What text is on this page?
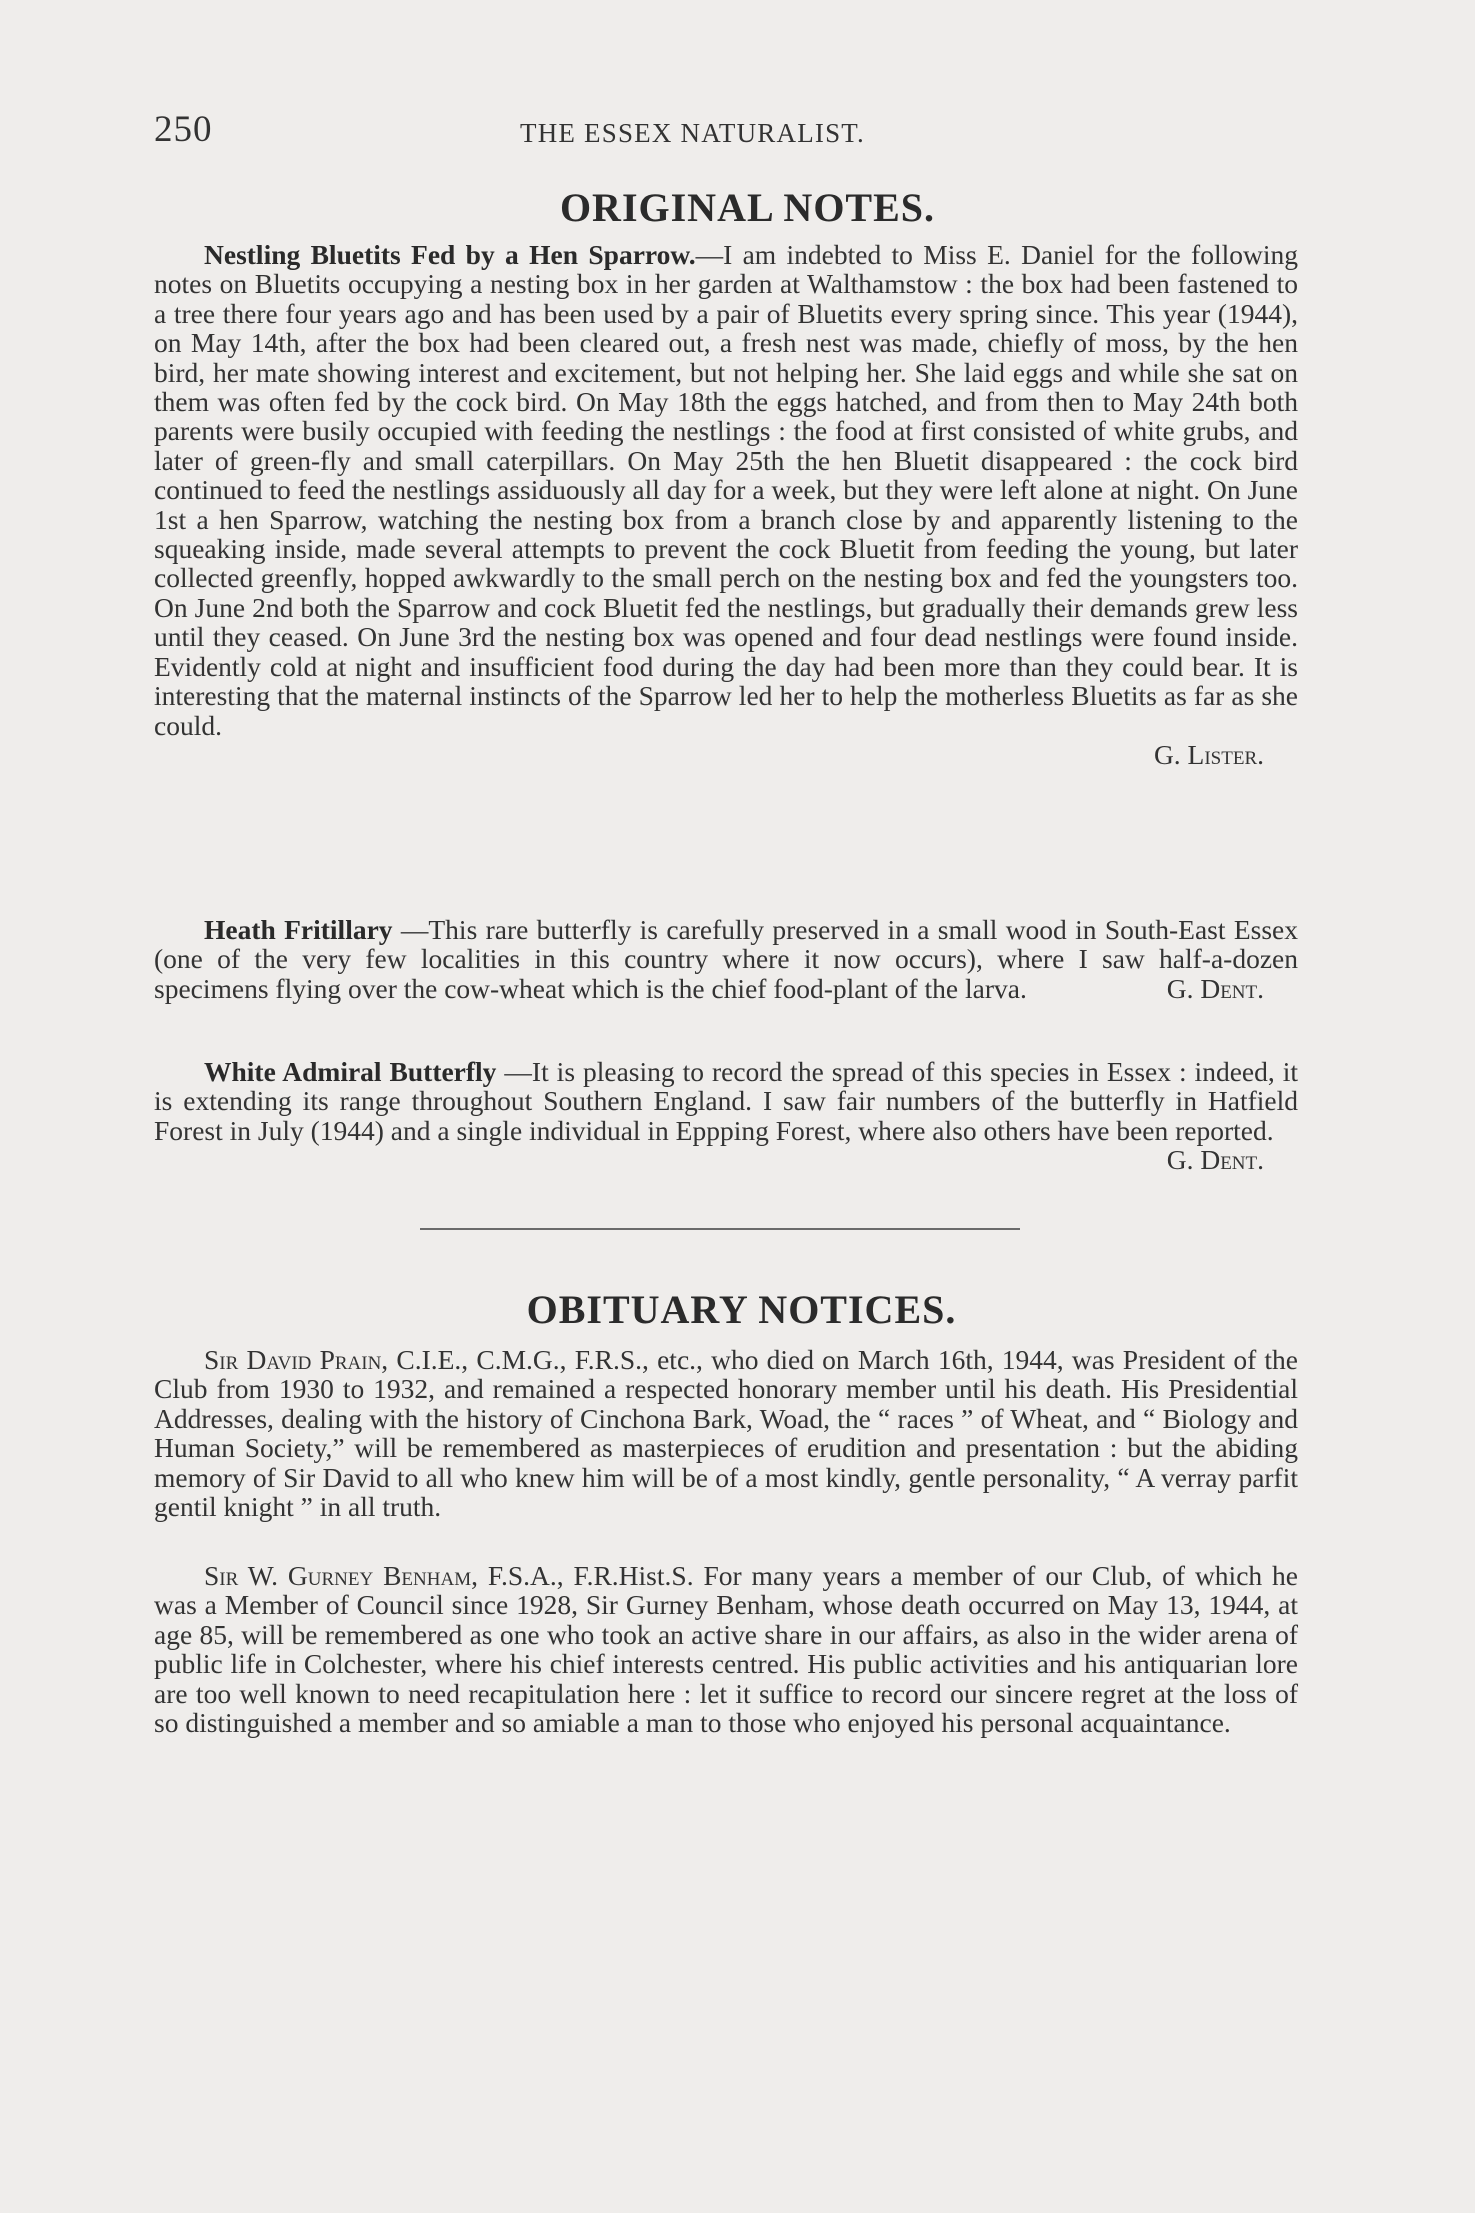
250	THE ESSEX NATURALIST.
ORIGINAL NOTES.

Nestling Bluetits Fed by a Hen Sparrow.—I am indebted to Miss E. Daniel for the following notes on Bluetits occupying a nesting box in her garden at Walthamstow : the box had been fastened to a tree there four years ago and has been used by a pair of Bluetits every spring since. This year (1944), on May 14th, after the box had been cleared out, a fresh nest was made, chiefly of moss, by the hen bird, her mate showing interest and excitement, but not helping her. She laid eggs and while she sat on them was often fed by the cock bird. On May 18th the eggs hatched, and from then to May 24th both parents were busily occupied with feeding the nestlings : the food at first consisted of white grubs, and later of green-fly and small caterpillars. On May 25th the hen Bluetit disappeared : the cock bird continued to feed the nestlings assiduously all day for a week, but they were left alone at night. On June 1st a hen Sparrow, watching the nesting box from a branch close by and apparently listening to the squeaking inside, made several attempts to prevent the cock Bluetit from feeding the young, but later collected greenfly, hopped awkwardly to the small perch on the nesting box and fed the youngsters too. On June 2nd both the Sparrow and cock Bluetit fed the nestlings, but gradually their demands grew less until they ceased. On June 3rd the nesting box was opened and four dead nestlings were found inside. Evidently cold at night and insufficient food during the day had been more than they could bear. It is interesting that the maternal instincts of the Sparrow led her to help the motherless Bluetits as far as she could.

G. Lister.

Heath Fritillary —This rare butterfly is carefully preserved in a small wood in South-East Essex (one of the very few localities in this country where it now occurs), where I saw half-a-dozen specimens flying over the cow-wheat which is the chief food-plant of the larva.	G. Dent.

White Admiral Butterfly —It is pleasing to record the spread of this species in Essex : indeed, it is extending its range throughout Southern England. I saw fair numbers of the butterfly in Hatfield Forest in July (1944) and a single individual in Eppping Forest, where also others have been reported.
G. Dent.

OBITUARY NOTICES.

Sir David Prain, C.I.E., C.M.G., F.R.S., etc., who died on March 16th, 1944, was President of the Club from 1930 to 1932, and remained a respected honorary member until his death. His Presidential Addresses, dealing with the history of Cinchona Bark, Woad, the “ races ” of Wheat, and “ Biology and Human Society,” will be remembered as masterpieces of erudition and presentation : but the abiding memory of Sir David to all who knew him will be of a most kindly, gentle personality, “ A verray parfit gentil knight ” in all truth.

Sir W. Gurney Benham, F.S.A., F.R.Hist.S. For many years a member of our Club, of which he was a Member of Council since 1928, Sir Gurney Benham, whose death occurred on May 13, 1944, at age 85, will be remembered as one who took an active share in our affairs, as also in the wider arena of public life in Colchester, where his chief interests centred. His public activities and his antiquarian lore are too well known to need recapitulation here : let it suffice to record our sincere regret at the loss of so distinguished a member and so amiable a man to those who enjoyed his personal acquaintance.
